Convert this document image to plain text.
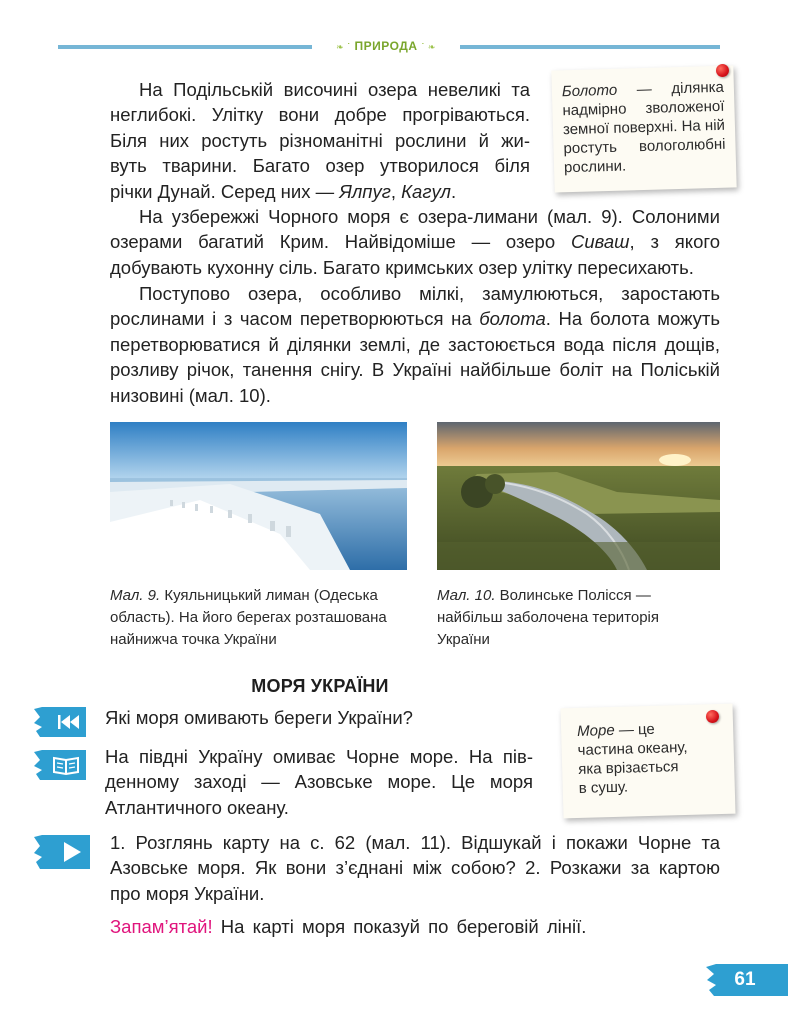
❧ ˙ ПРИРОДА ˙ ❧

На Подільській височині озера невеликі та

неглибокі. Улітку вони добре прогріваються.

Біля них ростуть різноманітні рослини й жи-

вуть тварини. Багато озер утворилося біля

річки Дунай. Серед них — Ялпуг, Кагул.

Болото — ділянка надмірно зволоженої земної поверхні. На ній ростуть вологолюбні рослини.

На узбережжі Чорного моря є озера-лимани (мал. 9). Солоними озерами багатий Крим. Найвідоміше — озеро Сиваш, з якого добувають кухонну сіль. Багато кримських озер улітку пересихають.

Поступово озера, особливо мілкі, замулюються, заростають рослинами і з часом перетворюються на болота. На болота можуть перетворюватися й ділянки землі, де застоюється вода після дощів, розливу річок, танення снігу. В Україні найбільше боліт на Поліській низовині (мал. 10).

Мал. 9. Куяльницький лиман (Одеська область). На його берегах розташована найнижча точка України

Мал. 10. Волинське Полісся — найбільш заболочена територія України

МОРЯ УКРАЇНИ

Які моря омивають береги України?

На півдні Україну омиває Чорне море. На пів-

денному заході — Азовське море. Це моря

Атлантичного океану.

Море — це

частина океану,

яка врізається

в сушу.

1. Розглянь карту на с. 62 (мал. 11). Відшукай і покажи Чорне та

Азовське моря. Як вони з’єднані між собою? 2. Розкажи за картою

про моря України.

Запам’ятай! На карті моря показуй по береговій лінії.

61
